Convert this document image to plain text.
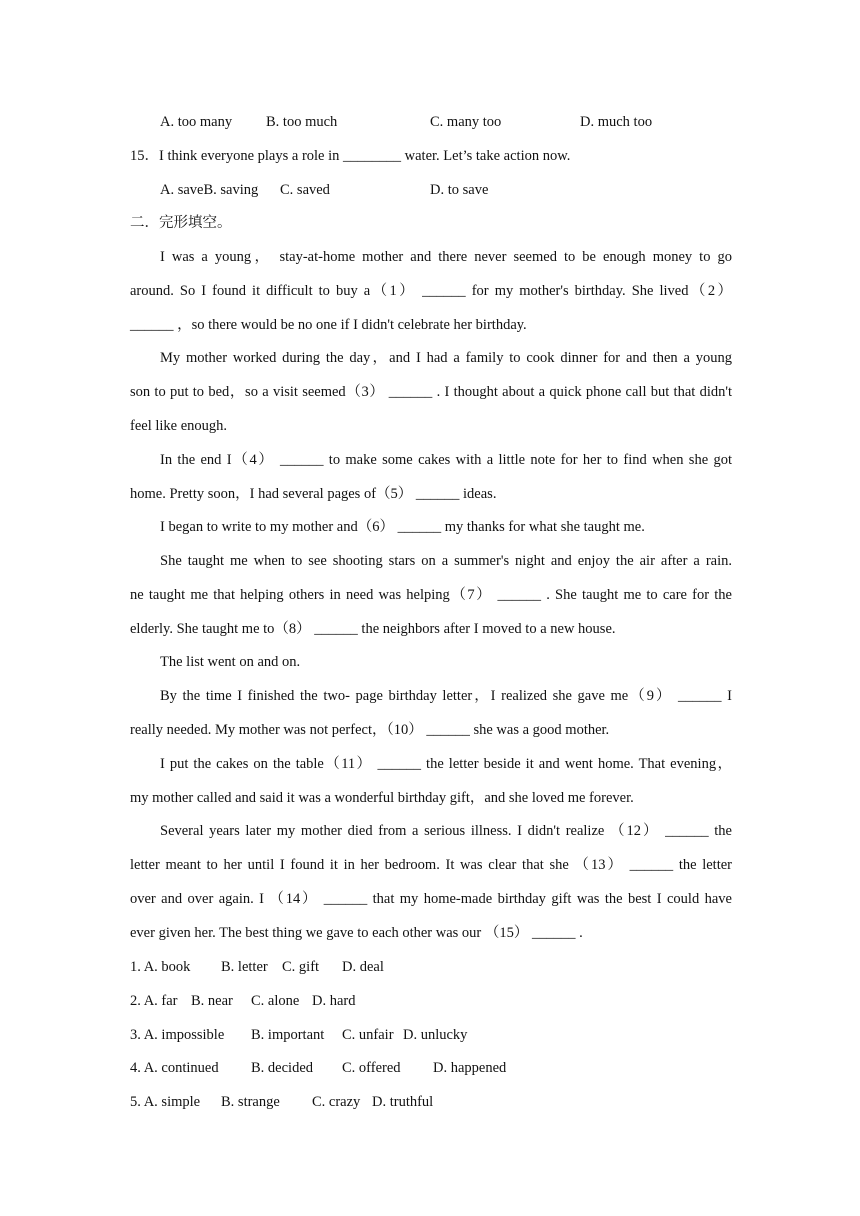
A. too many B. too much	C. many too	D. much too
15．I think everyone plays a role in ________ water. Let’s take action now.
A. saveB. saving C. saved	D. to save
二．完形填空。
I was a young， stay-at-home mother and there never seemed to be enough money to go
around. So I found it difficult to buy a（1） ______ for my mother's birthday. She lived（2）
______ ，so there would be no one if I didn't celebrate her birthday.
My mother worked during the day，and I had a family to cook dinner for and then a young
son to put to bed，so a visit seemed（3） ______ . I thought about a quick phone call but that didn't
feel like enough.
In the end I（4） ______ to make some cakes with a little note for her to find when she got
home. Pretty soon，I had several pages of（5） ______ ideas.
I began to write to my mother and（6） ______ my thanks for what she taught me.
She taught me when to see shooting stars on a summer's night and enjoy the air after a rain.
ne taught me that helping others in need was helping（7） ______ . She taught me to care for the
elderly. She taught me to（8） ______ the neighbors after I moved to a new house.
The list went on and on.
By the time I finished the two- page birthday letter，I realized she gave me（9） ______ I
really needed. My mother was not perfect，（10） ______ she was a good mother.
I put the cakes on the table（11） ______ the letter beside it and went home. That evening，
my mother called and said it was a wonderful birthday gift，and she loved me forever.
Several years later my mother died from a serious illness. I didn't realize （12） ______ the
letter meant to her until I found it in her bedroom. It was clear that she （13） ______ the letter
over and over again. I （14） ______ that my home-made birthday gift was the best I could have
ever given her. The best thing we gave to each other was our （15） ______ .
1. A. book B. letter C. gift D. deal
2. A. far B. near C. alone D. hard
3. A. impossible B. important C. unfair D. unlucky
4. A. continued B. decided C. offered D. happened
5. A. simple B. strange C. crazy D. truthful
